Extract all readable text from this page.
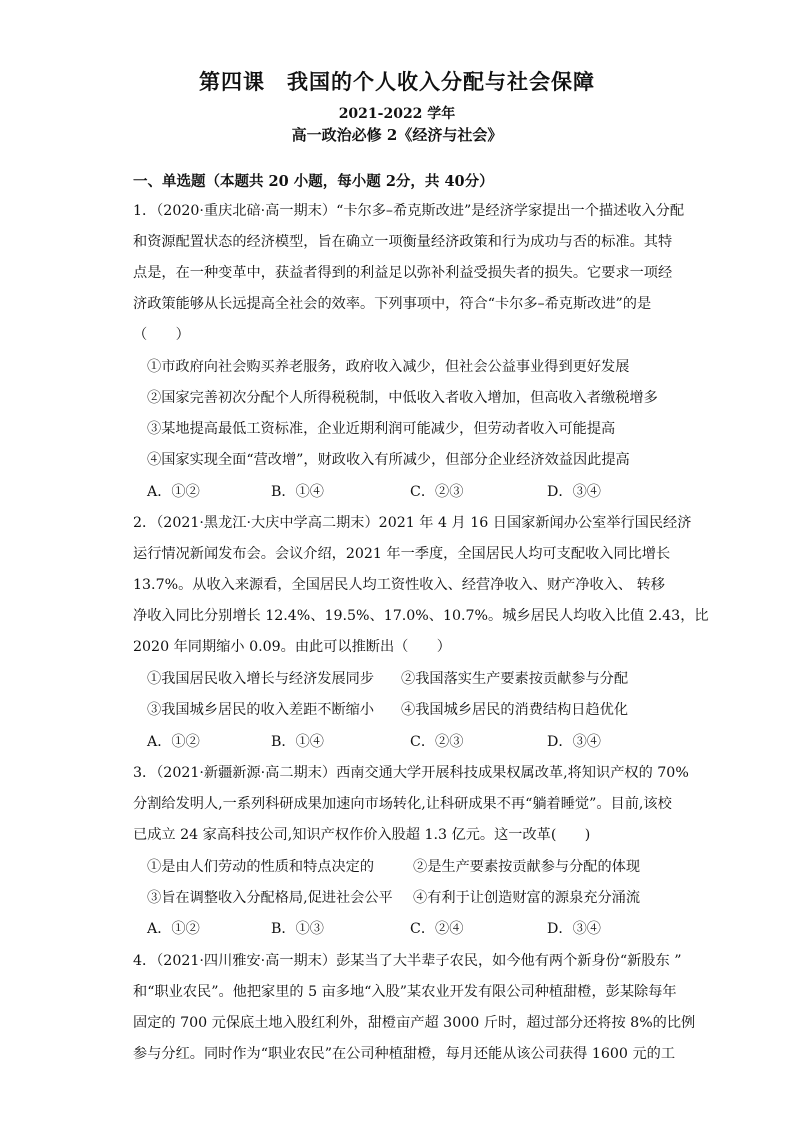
第四课　我国的个人收入分配与社会保障
2021-2022 学年
高一政治必修 2《经济与社会》
一、单选题（本题共 20 小题，每小题 2分，共 40分）
1．（2020·重庆北碚·高一期末）“卡尔多–希克斯改进”是经济学家提出一个描述收入分配
和资源配置状态的经济模型，旨在确立一项衡量经济政策和行为成功与否的标准。其特
点是，在一种变革中，获益者得到的利益足以弥补利益受损失者的损失。它要求一项经
济政策能够从长远提高全社会的效率。下列事项中，符合“卡尔多–希克斯改进”的是
（　　）
①市政府向社会购买养老服务，政府收入减少，但社会公益事业得到更好发展
②国家完善初次分配个人所得税税制，中低收入者收入增加，但高收入者缴税增多
③某地提高最低工资标准，企业近期利润可能减少，但劳动者收入可能提高
④国家实现全面“营改增”，财政收入有所减少，但部分企业经济效益因此提高
A．①②	B．①④	C．②③	D．③④
2．（2021·黑龙江·大庆中学高二期末）2021 年 4 月 16 日国家新闻办公室举行国民经济
运行情况新闻发布会。会议介绍，2021 年一季度，全国居民人均可支配收入同比增长
13.7%。从收入来源看，全国居民人均工资性收入、经营净收入、财产净收入、 转移
净收入同比分别增长 12.4%、19.5%、17.0%、10.7%。城乡居民人均收入比值 2.43，比
2020 年同期缩小 0.09。由此可以推断出（　　）
①我国居民收入增长与经济发展同步 ②我国落实生产要素按贡献参与分配
③我国城乡居民的收入差距不断缩小 ④我国城乡居民的消费结构日趋优化
A．①②	B．①④	C．②③	D．③④
3．（2021·新疆新源·高二期末）西南交通大学开展科技成果权属改革,将知识产权的 70%
分割给发明人,一系列科研成果加速向市场转化,让科研成果不再“躺着睡觉”。目前,该校
已成立 24 家高科技公司,知识产权作价入股超 1.3 亿元。这一改革(　　)
①是由人们劳动的性质和特点决定的	②是生产要素按贡献参与分配的体现
③旨在调整收入分配格局,促进社会公平 ④有利于让创造财富的源泉充分涌流
A．①②	B．①③	C．②④	D．③④
4．（2021·四川雅安·高一期末）彭某当了大半辈子农民，如今他有两个新身份“新股东 ”
和“职业农民”。他把家里的 5 亩多地“入股”某农业开发有限公司种植甜橙，彭某除每年
固定的 700 元保底土地入股红利外，甜橙亩产超 3000 斤时，超过部分还将按 8%的比例
参与分红。同时作为“职业农民”在公司种植甜橙，每月还能从该公司获得 1600 元的工
